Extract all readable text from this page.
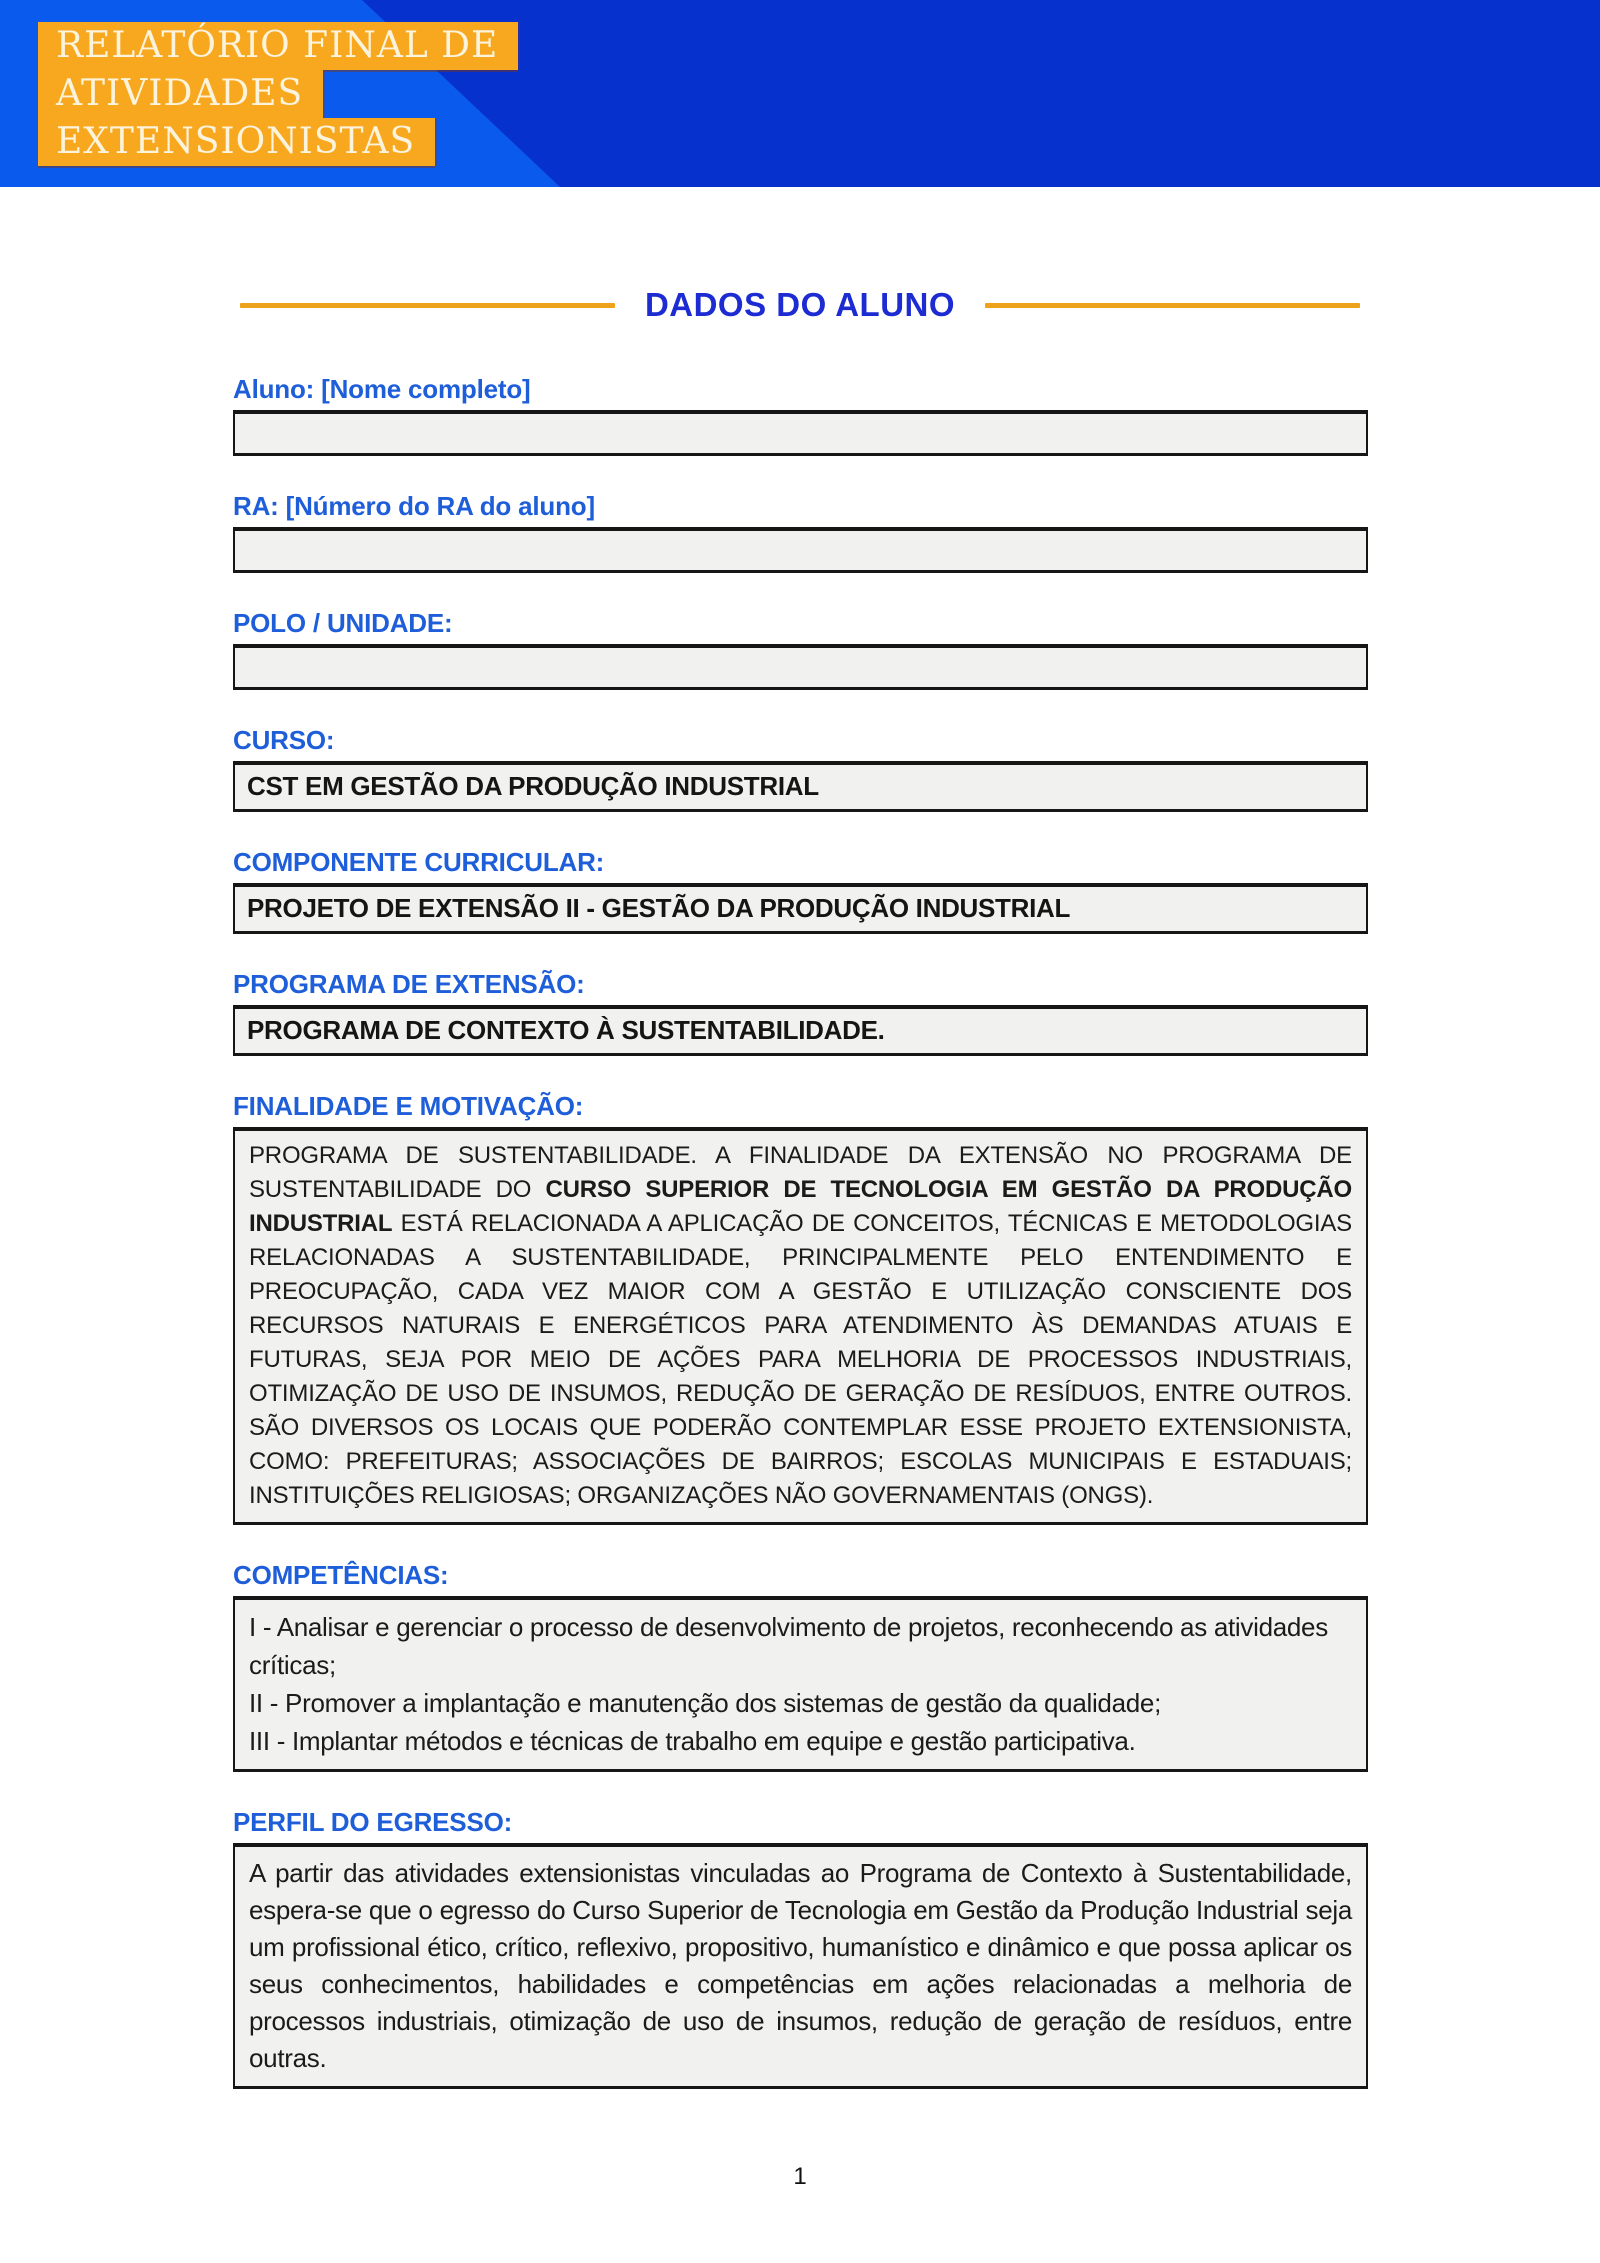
RELATÓRIO FINAL DE
ATIVIDADES
EXTENSIONISTAS
DADOS DO ALUNO
Aluno: [Nome completo]
RA: [Número do RA do aluno]
POLO / UNIDADE:
CURSO:
CST EM GESTÃO DA PRODUÇÃO INDUSTRIAL
COMPONENTE CURRICULAR:
PROJETO DE EXTENSÃO II - GESTÃO DA PRODUÇÃO INDUSTRIAL
PROGRAMA DE EXTENSÃO:
PROGRAMA DE CONTEXTO À SUSTENTABILIDADE.
FINALIDADE E MOTIVAÇÃO:
PROGRAMA DE SUSTENTABILIDADE. A FINALIDADE DA EXTENSÃO NO PROGRAMA DE SUSTENTABILIDADE DO CURSO SUPERIOR DE TECNOLOGIA EM GESTÃO DA PRODUÇÃO INDUSTRIAL ESTÁ RELACIONADA A APLICAÇÃO DE CONCEITOS, TÉCNICAS E METODOLOGIAS RELACIONADAS A SUSTENTABILIDADE, PRINCIPALMENTE PELO ENTENDIMENTO E PREOCUPAÇÃO, CADA VEZ MAIOR COM A GESTÃO E UTILIZAÇÃO CONSCIENTE DOS RECURSOS NATURAIS E ENERGÉTICOS PARA ATENDIMENTO ÀS DEMANDAS ATUAIS E FUTURAS, SEJA POR MEIO DE AÇÕES PARA MELHORIA DE PROCESSOS INDUSTRIAIS, OTIMIZAÇÃO DE USO DE INSUMOS, REDUÇÃO DE GERAÇÃO DE RESÍDUOS, ENTRE OUTROS. SÃO DIVERSOS OS LOCAIS QUE PODERÃO CONTEMPLAR ESSE PROJETO EXTENSIONISTA, COMO: PREFEITURAS; ASSOCIAÇÕES DE BAIRROS; ESCOLAS MUNICIPAIS E ESTADUAIS; INSTITUIÇÕES RELIGIOSAS; ORGANIZAÇÕES NÃO GOVERNAMENTAIS (ONGS).
COMPETÊNCIAS:
I - Analisar e gerenciar o processo de desenvolvimento de projetos, reconhecendo as atividades críticas;
II - Promover a implantação e manutenção dos sistemas de gestão da qualidade;
III - Implantar métodos e técnicas de trabalho em equipe e gestão participativa.
PERFIL DO EGRESSO:
A partir das atividades extensionistas vinculadas ao Programa de Contexto à Sustentabilidade, espera-se que o egresso do Curso Superior de Tecnologia em Gestão da Produção Industrial seja um profissional ético, crítico, reflexivo, propositivo, humanístico e dinâmico e que possa aplicar os seus conhecimentos, habilidades e competências em ações relacionadas a melhoria de processos industriais, otimização de uso de insumos, redução de geração de resíduos, entre outras.
1
